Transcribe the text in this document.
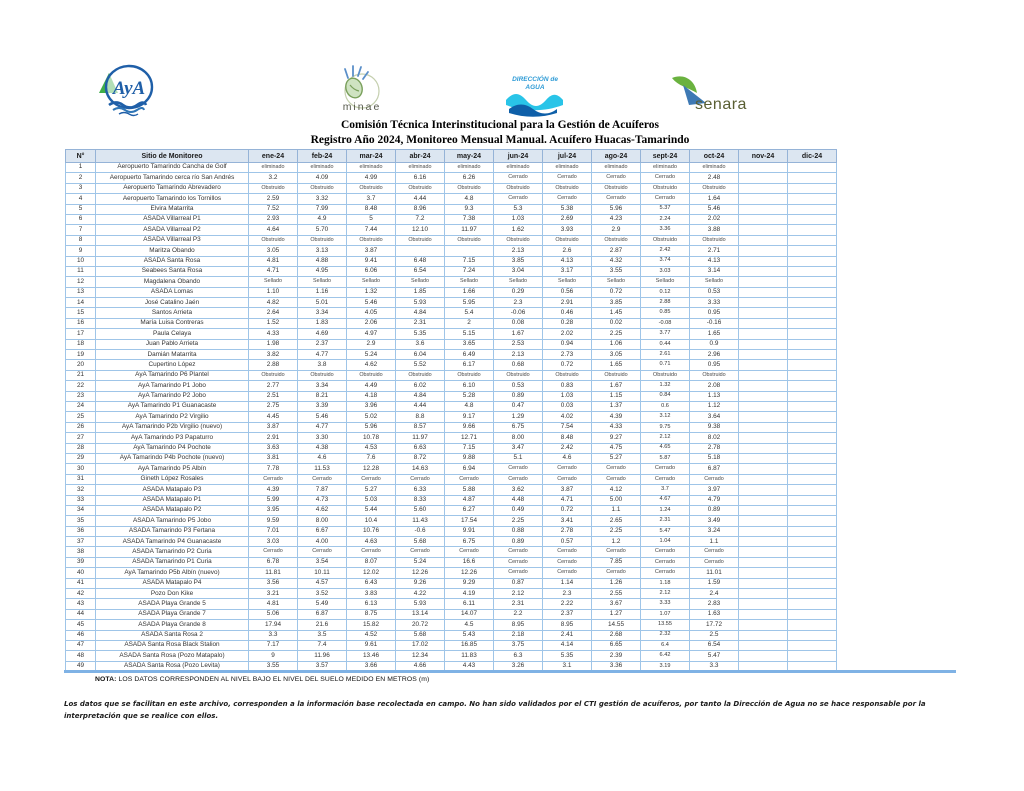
AyA
minae
DIRECCIÓN de
AGUA
senara
Comisión Técnica Interinstitucional para la Gestión de Acuíferos
Registro Año 2024, Monitoreo Mensual Manual. Acuífero Huacas-Tamarindo
N°	Sitio de Monitoreo	ene-24	feb-24	mar-24	abr-24	may-24	jun-24	jul-24	ago-24	sept-24	oct-24	nov-24	dic-24
1	Aeropuerto Tamarindo Cancha de Golf	eliminado	eliminado	eliminado	eliminado	eliminado	eliminado	eliminado	eliminado	eliminado	eliminado		
2	Aeropuerto Tamarindo cerca río San Andrés	3.2	4.09	4.99	6.16	6.26	Cerrado	Cerrado	Cerrado	Cerrado	2.48		
3	Aeropuerto Tamarindo Abrevadero	Obstruido	Obstruido	Obstruido	Obstruido	Obstruido	Obstruido	Obstruido	Obstruido	Obstruido	Obstruido		
4	Aeropuerto Tamarindo los Tornillos	2.59	3.32	3.7	4.44	4.8	Cerrado	Cerrado	Cerrado	Cerrado	1.64		
5	Elvira Matarrita	7.52	7.99	8.48	8.96	9.3	5.3	5.38	5.96	5.37	5.46		
6	ASADA Villarreal P1	2.93	4.9	5	7.2	7.38	1.03	2.69	4.23	2.24	2.02		
7	ASADA Villarreal P2	4.64	5.70	7.44	12.10	11.97	1.62	3.93	2.9	3.36	3.88		
8	ASADA Villarreal P3	Obstruido	Obstruido	Obstruido	Obstruido	Obstruido	Obstruido	Obstruido	Obstruido	Obstruido	Obstruido		
9	Maritza Obando	3.05	3.13	3.87			2.13	2.6	2.87	2.42	2.71		
10	ASADA Santa Rosa	4.81	4.88	9.41	6.48	7.15	3.85	4.13	4.32	3.74	4.13		
11	Seabees Santa Rosa	4.71	4.95	6.06	6.54	7.24	3.04	3.17	3.55	3.03	3.14		
12	Magdalena Obando	Sellado	Sellado	Sellado	Sellado	Sellado	Sellado	Sellado	Sellado	Sellado	Sellado		
13	ASADA Lomas	1.10	1.16	1.32	1.85	1.66	0.29	0.56	0.72	0.12	0.53		
14	José Catalino Jaén	4.82	5.01	5.46	5.93	5.95	2.3	2.91	3.85	2.88	3.33		
15	Santos Arrieta	2.64	3.34	4.05	4.84	5.4	-0.06	0.46	1.45	0.85	0.95		
16	María Luisa Contreras	1.52	1.83	2.06	2.31	2	0.08	0.28	0.02	-0.08	-0.16		
17	Paula Celaya	4.33	4.69	4.97	5.35	5.15	1.67	2.02	2.25	3.77	1.65		
18	Juan Pablo Arrieta	1.98	2.37	2.9	3.6	3.65	2.53	0.94	1.06	0.44	0.9		
19	Damián Matarrita	3.82	4.77	5.24	6.04	6.49	2.13	2.73	3.05	2.61	2.96		
20	Cupertino López	2.88	3.8	4.62	5.52	6.17	0.68	0.72	1.65	0.71	0.95		
21	AyA Tamarindo P6 Plantel	Obstruido	Obstruido	Obstruido	Obstruido	Obstruido	Obstruido	Obstruido	Obstruido	Obstruido	Obstruido		
22	AyA Tamarindo P1 Jobo	2.77	3.34	4.49	6.02	6.10	0.53	0.83	1.67	1.32	2.08		
23	AyA Tamarindo P2 Jobo	2.51	8.21	4.18	4.84	5.28	0.89	1.03	1.15	0.84	1.13		
24	AyA Tamarindo P1 Guanacaste	2.75	3.39	3.96	4.44	4.8	0.47	0.03	1.37	0.6	1.12		
25	AyA Tamarindo P2 Virgilio	4.45	5.46	5.02	8.8	9.17	1.29	4.02	4.39	3.12	3.64		
26	AyA Tamarindo P2b Virgilio (nuevo)	3.87	4.77	5.96	8.57	9.66	6.75	7.54	4.33	9.75	9.38		
27	AyA Tamarindo P3 Papaturro	2.91	3.30	10.78	11.97	12.71	8.00	8.48	9.27	2.12	8.02		
28	AyA Tamarindo P4 Pochote	3.63	4.38	4.53	6.63	7.15	3.47	2.42	4.75	4.65	2.78		
29	AyA Tamarindo P4b Pochote (nuevo)	3.81	4.6	7.6	8.72	9.88	5.1	4.6	5.27	5.87	5.18		
30	AyA Tamarindo P5 Albín	7.78	11.53	12.28	14.63	6.94	Cerrado	Cerrado	Cerrado	Cerrado	6.87		
31	Gineth López Rosales	Cerrado	Cerrado	Cerrado	Cerrado	Cerrado	Cerrado	Cerrado	Cerrado	Cerrado	Cerrado		
32	ASADA Matapalo P3	4.39	7.87	5.27	6.33	5.88	3.62	3.87	4.12	3.7	3.97		
33	ASADA Matapalo P1	5.99	4.73	5.03	8.33	4.87	4.48	4.71	5.00	4.67	4.79		
34	ASADA Matapalo P2	3.95	4.62	5.44	5.60	6.27	0.49	0.72	1.1	1.24	0.89		
35	ASADA Tamarindo P5 Jobo	9.59	8.00	10.4	11.43	17.54	2.25	3.41	2.65	2.31	3.49		
36	ASADA Tamarindo P3 Fertana	7.01	6.67	10.76	-0.6	9.91	0.88	2.78	2.25	5.47	3.24		
37	ASADA Tamarindo P4 Guanacaste	3.03	4.00	4.63	5.68	6.75	0.89	0.57	1.2	1.04	1.1		
38	ASADA Tamarindo P2 Curia	Cerrado	Cerrado	Cerrado	Cerrado	Cerrado	Cerrado	Cerrado	Cerrado	Cerrado	Cerrado		
39	ASADA Tamarindo P1 Curia	6.78	3.54	8.07	5.24	16.6	Cerrado	Cerrado	7.85	Cerrado	Cerrado		
40	AyA Tamarindo P5b Albín (nuevo)	11.81	10.11	12.02	12.26	12.26	Cerrado	Cerrado	Cerrado	Cerrado	11.01		
41	ASADA Matapalo P4	3.56	4.57	6.43	9.26	9.29	0.87	1.14	1.26	1.18	1.59		
42	Pozo Don Kike	3.21	3.52	3.83	4.22	4.19	2.12	2.3	2.55	2.12	2.4		
43	ASADA Playa Grande 5	4.81	5.49	6.13	5.93	6.11	2.31	2.22	3.67	3.33	2.83		
44	ASADA Playa Grande 7	5.06	6.87	8.75	13.14	14.07	2.2	2.37	1.27	1.07	1.63		
45	ASADA Playa Grande 8	17.94	21.6	15.82	20.72	4.5	8.95	8.95	14.55	13.55	17.72		
46	ASADA Santa Rosa 2	3.3	3.5	4.52	5.68	5.43	2.18	2.41	2.68	2.32	2.5		
47	ASADA Santa Rosa Black Stalion	7.17	7.4	9.61	17.02	16.85	3.75	4.14	6.65	6.4	6.54		
48	ASADA Santa Rosa (Pozo Matapalo)	9	11.96	13.46	12.34	11.83	6.3	5.35	2.39	6.42	5.47		
49	ASADA Santa Rosa (Pozo Levita)	3.55	3.57	3.66	4.66	4.43	3.26	3.1	3.36	3.19	3.3		
NOTA: LOS DATOS CORRESPONDEN AL NIVEL BAJO EL NIVEL DEL SUELO MEDIDO EN METROS (m)
Los datos que se facilitan en este archivo, corresponden a la información base recolectada en campo. No han sido validados por el CTI gestión de acuíferos, por tanto la Dirección de Agua no se hace responsable por la interpretación que se realice con ellos.
